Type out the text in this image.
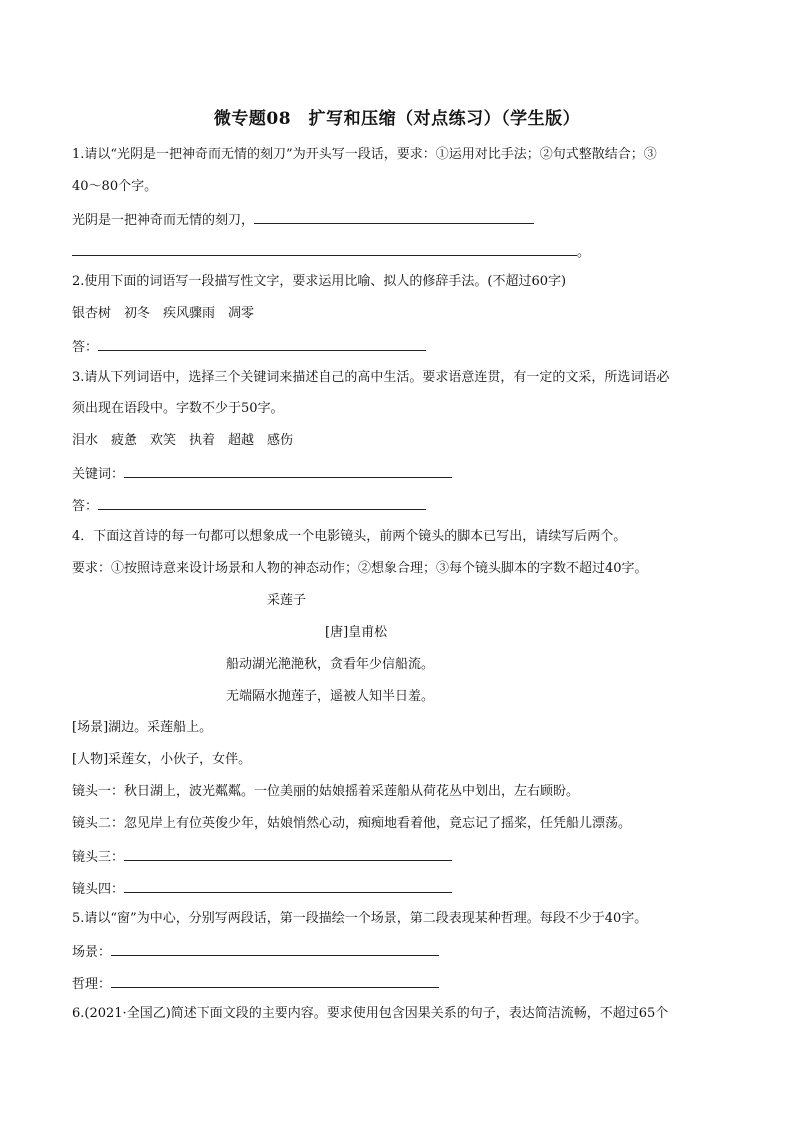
微专题08　扩写和压缩（对点练习）（学生版）
1.请以“光阴是一把神奇而无情的刻刀”为开头写一段话，要求：①运用对比手法；②句式整散结合；③
40～80个字。
光阴是一把神奇而无情的刻刀，
。
2.使用下面的词语写一段描写性文字，要求运用比喻、拟人的修辞手法。(不超过60字)
银杏树　初冬　疾风骤雨　凋零
答：
3.请从下列词语中，选择三个关键词来描述自己的高中生活。要求语意连贯，有一定的文采，所选词语必
须出现在语段中。字数不少于50字。
泪水　疲惫　欢笑　执着　超越　感伤
关键词：
答：
4．下面这首诗的每一句都可以想象成一个电影镜头，前两个镜头的脚本已写出，请续写后两个。
要求：①按照诗意来设计场景和人物的神态动作；②想象合理；③每个镜头脚本的字数不超过40字。
采莲子
[唐]皇甫松
船动湖光滟滟秋，贪看年少信船流。
无端隔水抛莲子，遥被人知半日羞。
[场景]湖边。采莲船上。
[人物]采莲女，小伙子，女伴。
镜头一：秋日湖上，波光粼粼。一位美丽的姑娘摇着采莲船从荷花丛中划出，左右顾盼。
镜头二：忽见岸上有位英俊少年，姑娘悄然心动，痴痴地看着他，竟忘记了摇桨，任凭船儿漂荡。
镜头三：
镜头四：
5.请以“窗”为中心，分别写两段话，第一段描绘一个场景，第二段表现某种哲理。每段不少于40字。
场景：
哲理：
6.(2021·全国乙)简述下面文段的主要内容。要求使用包含因果关系的句子，表达简洁流畅，不超过65个
